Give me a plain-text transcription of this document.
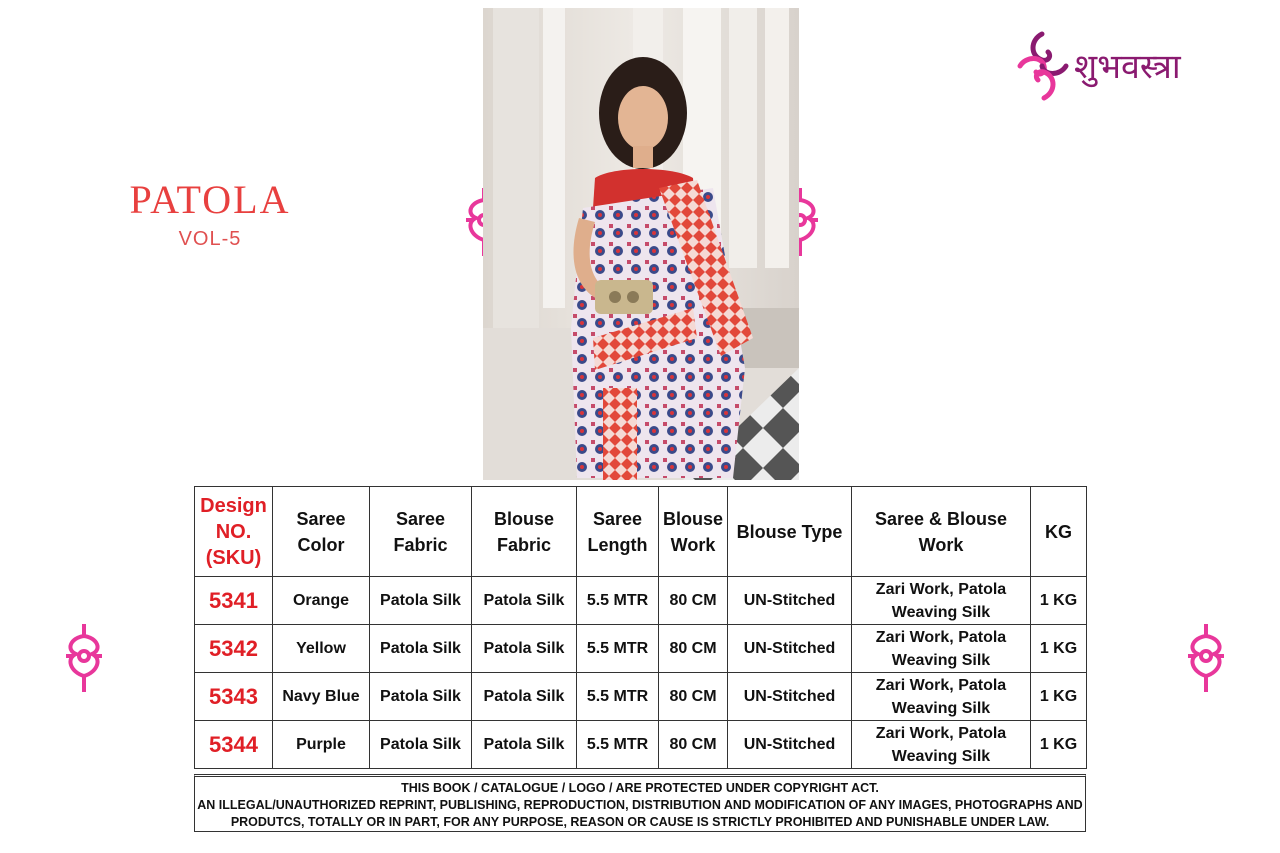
PATOLA
VOL-5
शुभवस्त्रा
Design NO. (SKU)	Saree Color	Saree Fabric	Blouse Fabric	Saree Length	Blouse Work	Blouse Type	Saree & Blouse Work	KG
5341	Orange	Patola Silk	Patola Silk	5.5 MTR	80 CM	UN-Stitched	Zari Work, Patola Weaving Silk	1 KG
5342	Yellow	Patola Silk	Patola Silk	5.5 MTR	80 CM	UN-Stitched	Zari Work, Patola Weaving Silk	1 KG
5343	Navy Blue	Patola Silk	Patola Silk	5.5 MTR	80 CM	UN-Stitched	Zari Work, Patola Weaving Silk	1 KG
5344	Purple	Patola Silk	Patola Silk	5.5 MTR	80 CM	UN-Stitched	Zari Work, Patola Weaving Silk	1 KG
THIS BOOK / CATALOGUE / LOGO / ARE PROTECTED UNDER COPYRIGHT ACT.
AN ILLEGAL/UNAUTHORIZED REPRINT, PUBLISHING, REPRODUCTION, DISTRIBUTION AND MODIFICATION OF ANY IMAGES, PHOTOGRAPHS AND
PRODUTCS, TOTALLY OR IN PART, FOR ANY PURPOSE, REASON OR CAUSE IS STRICTLY PROHIBITED AND PUNISHABLE UNDER LAW.
